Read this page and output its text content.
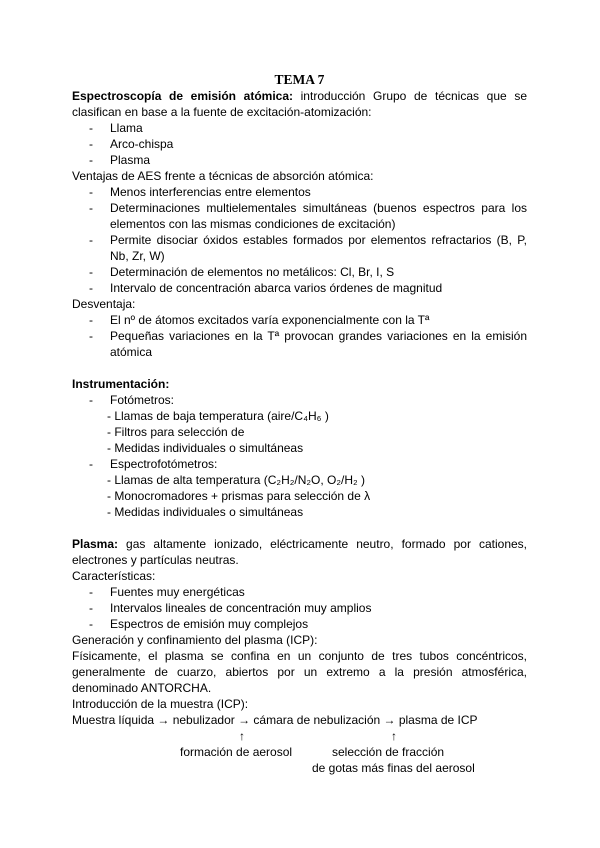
TEMA 7
Espectroscopía de emisión atómica: introducción Grupo de técnicas que se clasifican en base a la fuente de excitación-atomización:
- Llama
- Arco-chispa
- Plasma
Ventajas de AES frente a técnicas de absorción atómica:
- Menos interferencias entre elementos
- Determinaciones multielementales simultáneas (buenos espectros para los elementos con las mismas condiciones de excitación)
- Permite disociar óxidos estables formados por elementos refractarios (B, P, Nb, Zr, W)
- Determinación de elementos no metálicos: Cl, Br, I, S
- Intervalo de concentración abarca varios órdenes de magnitud
Desventaja:
- El nº de átomos excitados varía exponencialmente con la Tª
- Pequeñas variaciones en la Tª provocan grandes variaciones en la emisión atómica
Instrumentación:
- Fotómetros:
- Llamas de baja temperatura (aire/C₄H₆ )
- Filtros para selección de
- Medidas individuales o simultáneas
- Espectrofotómetros:
- Llamas de alta temperatura (C₂H₂/N₂O, O₂/H₂ )
- Monocromadores + prismas para selección de λ
- Medidas individuales o simultáneas
Plasma: gas altamente ionizado, eléctricamente neutro, formado por cationes, electrones y partículas neutras.
Características:
- Fuentes muy energéticas
- Intervalos lineales de concentración muy amplios
- Espectros de emisión muy complejos
Generación y confinamiento del plasma (ICP):
Físicamente, el plasma se confina en un conjunto de tres tubos concéntricos, generalmente de cuarzo, abiertos por un extremo a la presión atmosférica, denominado ANTORCHA.
Introducción de la muestra (ICP):
Muestra líquida → nebulizador → cámara de nebulización → plasma de ICP
↑	↑
formación de aerosol	selección de fracción
de gotas más finas del aerosol
